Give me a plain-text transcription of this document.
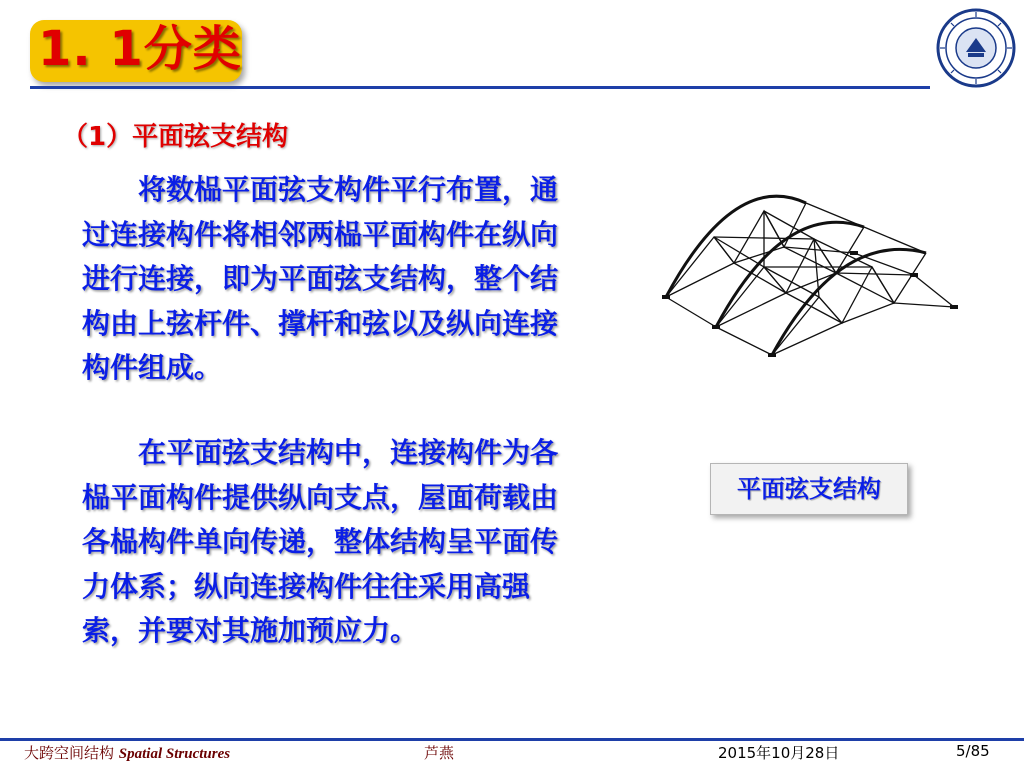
1. 1分类
（1）平面弦支结构

将数榀平面弦支构件平行布置，通过连接构件将相邻两榀平面构件在纵向进行连接，即为平面弦支结构，整个结构由上弦杆件、撑杆和弦以及纵向连接构件组成。

在平面弦支结构中，连接构件为各榀平面构件提供纵向支点，屋面荷载由各榀构件单向传递，整体结构呈平面传力体系；纵向连接构件往往采用高强索，并要对其施加预应力。

平面弦支结构
大跨空间结构 Spatial Structures	芦燕	2015年10月28日	5/85
